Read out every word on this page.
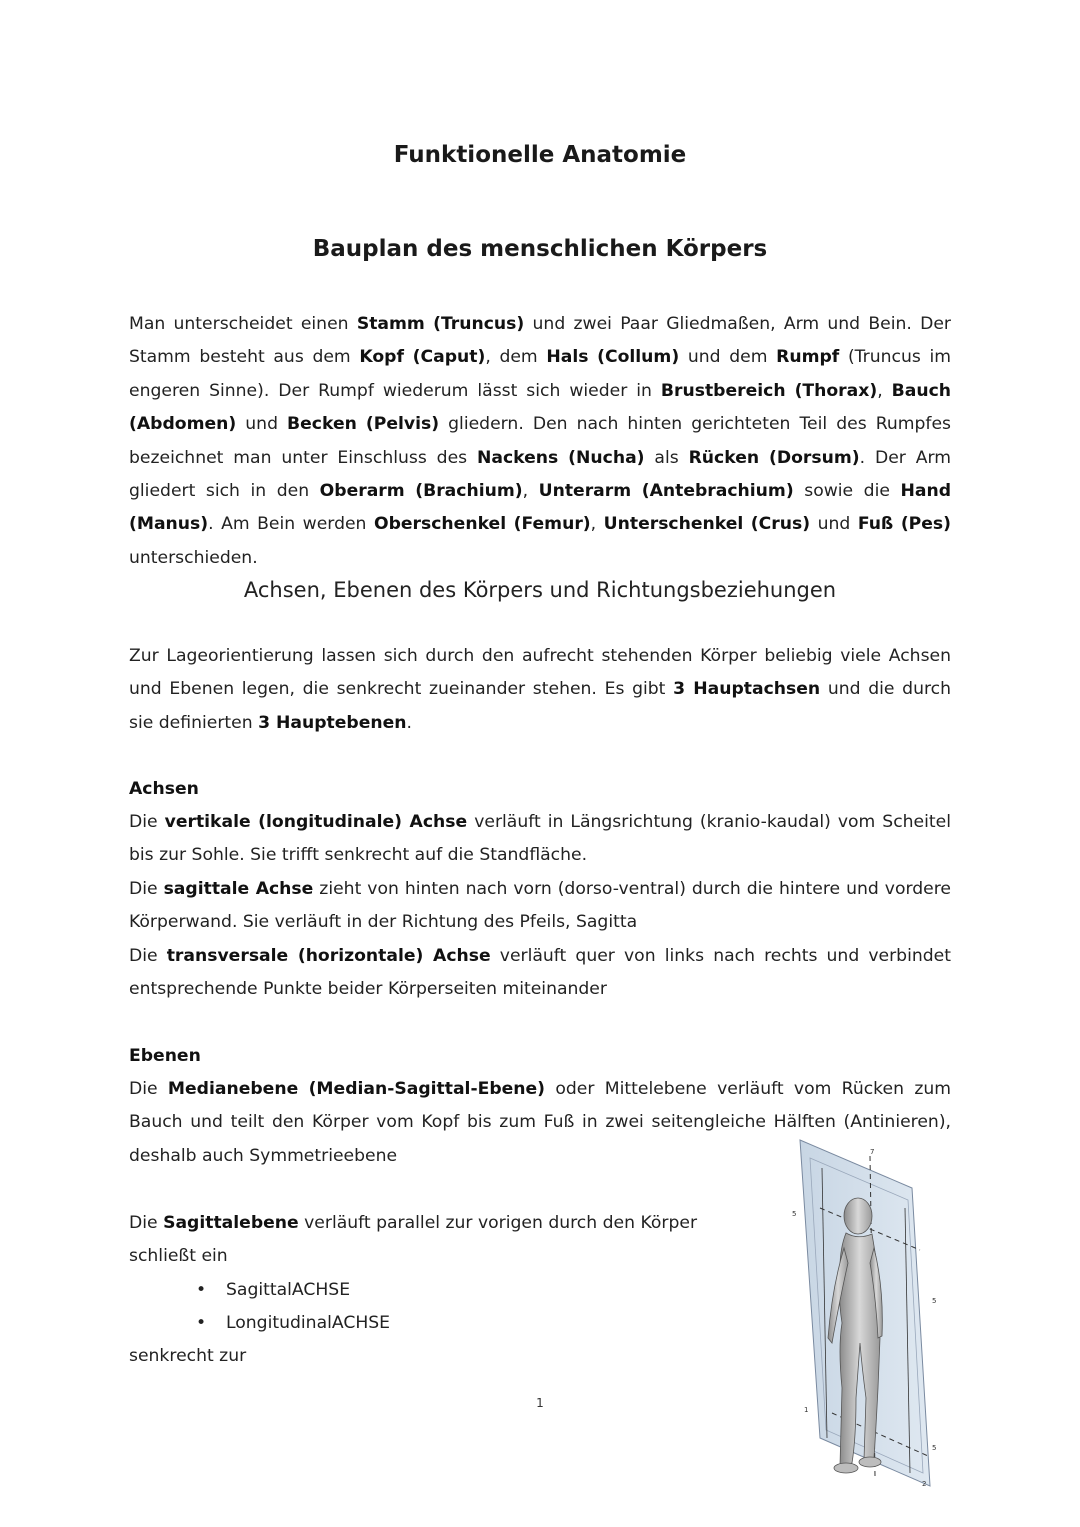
Funktionelle Anatomie
Bauplan des menschlichen Körpers
Man unterscheidet einen Stamm (Truncus) und zwei Paar Gliedmaßen, Arm und Bein. Der Stamm besteht aus dem Kopf (Caput), dem Hals (Collum) und dem Rumpf (Truncus im engeren Sinne). Der Rumpf wiederum lässt sich wieder in Brustbereich (Thorax), Bauch (Abdomen) und Becken (Pelvis) gliedern. Den nach hinten gerichteten Teil des Rumpfes bezeichnet man unter Einschluss des Nackens (Nucha) als Rücken (Dorsum). Der Arm gliedert sich in den Oberarm (Brachium), Unterarm (Antebrachium) sowie die Hand (Manus). Am Bein werden Oberschenkel (Femur), Unterschenkel (Crus) und Fuß (Pes) unterschieden.
Achsen, Ebenen des Körpers und Richtungsbeziehungen
Zur Lageorientierung lassen sich durch den aufrecht stehenden Körper beliebig viele Achsen und Ebenen legen, die senkrecht zueinander stehen. Es gibt 3 Hauptachsen und die durch sie definierten 3 Hauptebenen.
Achsen
Die vertikale (longitudinale) Achse verläuft in Längsrichtung (kranio-kaudal) vom Scheitel bis zur Sohle. Sie trifft senkrecht auf die Standfläche.
Die sagittale Achse zieht von hinten nach vorn (dorso-ventral) durch die hintere und vordere Körperwand. Sie verläuft in der Richtung des Pfeils, Sagitta
Die transversale (horizontale) Achse verläuft quer von links nach rechts und verbindet entsprechende Punkte beider Körperseiten miteinander
Ebenen
Die Medianebene (Median-Sagittal-Ebene) oder Mittelebene verläuft vom Rücken zum Bauch und teilt den Körper vom Kopf bis zum Fuß in zwei seitengleiche Hälften (Antinieren), deshalb auch Symmetrieebene
Die Sagittalebene verläuft parallel zur vorigen durch den Körper
schließt ein
• SagittalACHSE
• LongitudinalACHSE
senkrecht zur
1
7
5
5
1
5
2
